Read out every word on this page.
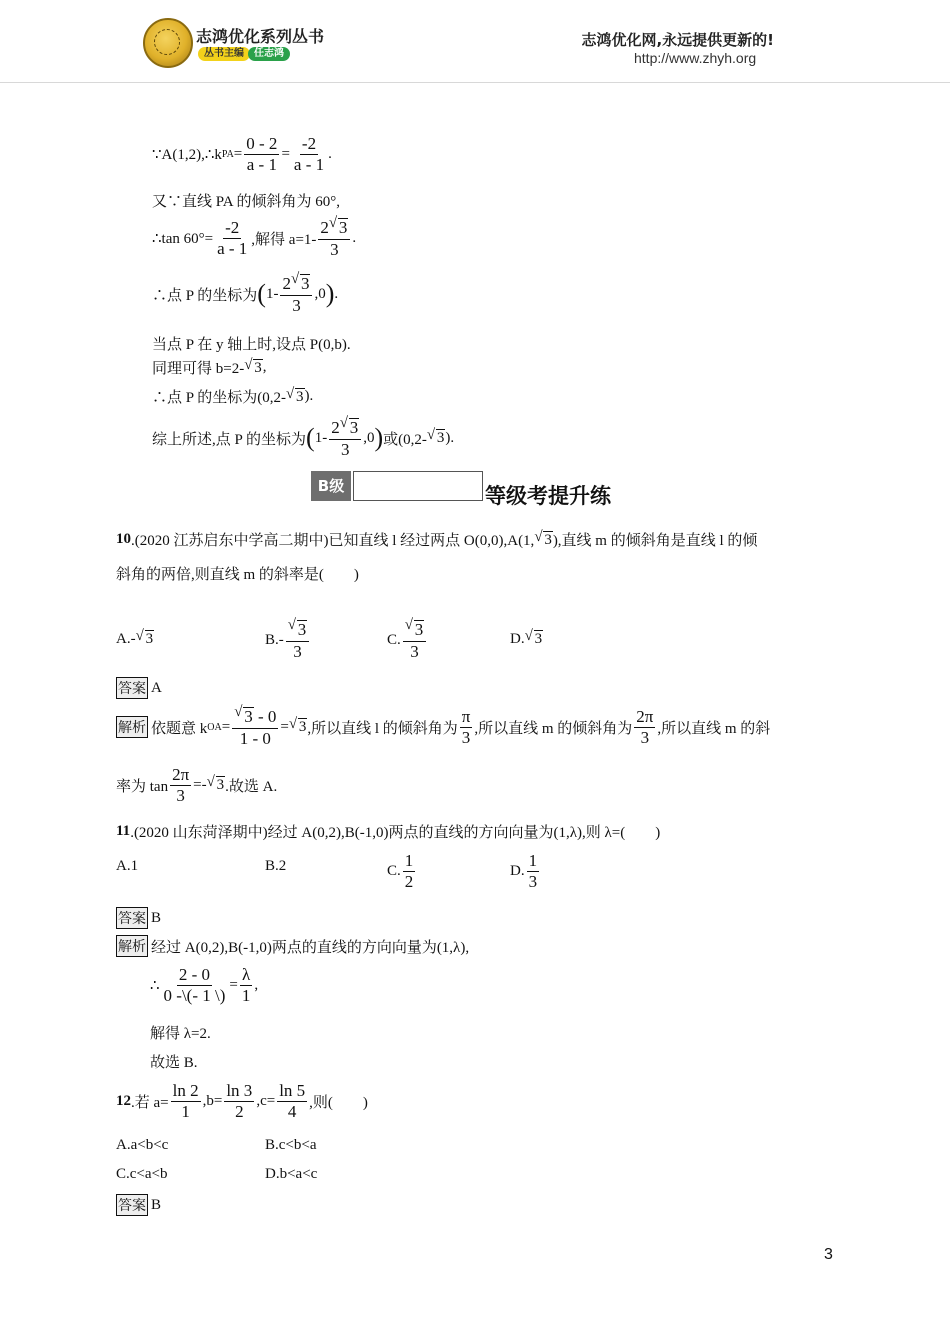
志鸿优化系列丛书
丛书主编	任志鸿
志鸿优化网,永远提供更新的!
http://www.zhyh.org
∵A(1,2),∴k PA = $\frac{0 - 2}{a - 1} = \frac{-2}{a - 1}$ .
又∵直线 PA 的倾斜角为 60°,
∴tan $60^\circ= \frac{-2}{a - 1}$ ,解得 $a=1- \frac{2 √ 3}{3}$ .
∴点 P 的坐标为 ( $1- \frac{2 √ 3}{3} ,0$ ) .
当点 P 在 y 轴上时,设点 P(0,b).
同理可得 b=2- √ 3 ,
∴点 P 的坐标为(0,2- √ 3 ).
综上所述,点 P 的坐标为 ( $1- \frac{2 √ 3}{3} ,0$ ) 或(0,2- √ 3 ).
B级	等级考提升练
10 .(2020 江苏启东中学高二期中)已知直线 l 经过两点 O(0,0),A(1, √ 3 ),直线 m 的倾斜角是直线 l 的倾
斜角的两倍,则直线 m 的斜率是(　　)
A.- √ 3	$B.- \frac{√ 3}{3}$	C. $\frac{√ 3}{3}$	D. √ 3
答案 A
解析 依题意 k OA = $\frac{√ 3 - 0}{1 - 0}$ = √ 3 ,所以直线 l 的倾斜角为 $\frac{\pi}{3}$ ,所以直线 m 的倾斜角为 $\frac{2\pi}{3}$ ,所以直线 m 的斜
率为 $\tan \frac{2\pi}{3}$ =- √ 3 .故选 A.
11 .(2020 山东菏泽期中)经过 A(0,2),B(-1,0)两点的直线的方向向量为(1,λ),则 λ=(　　)
A.1	B.2	C. $\frac{1}{2}$	D. $\frac{1}{3}$
答案 B
解析 经过 A(0,2),B(-1,0)两点的直线的方向向量为(1,λ),
∴ $\frac{2 - 0}{0 -\backslash(- 1 \backslash)} = \frac{\lambda}{1}$ ,
解得 λ=2.
故选 B.
12 .若 $a= \frac{\ln 2}{1} ,b= \frac{\ln 3}{2} ,c= \frac{\ln 5}{4}$ ,则(　　)
A.a<b<c	B.c<b<a
C.c<a<b	D.b<a<c
答案 B
3
